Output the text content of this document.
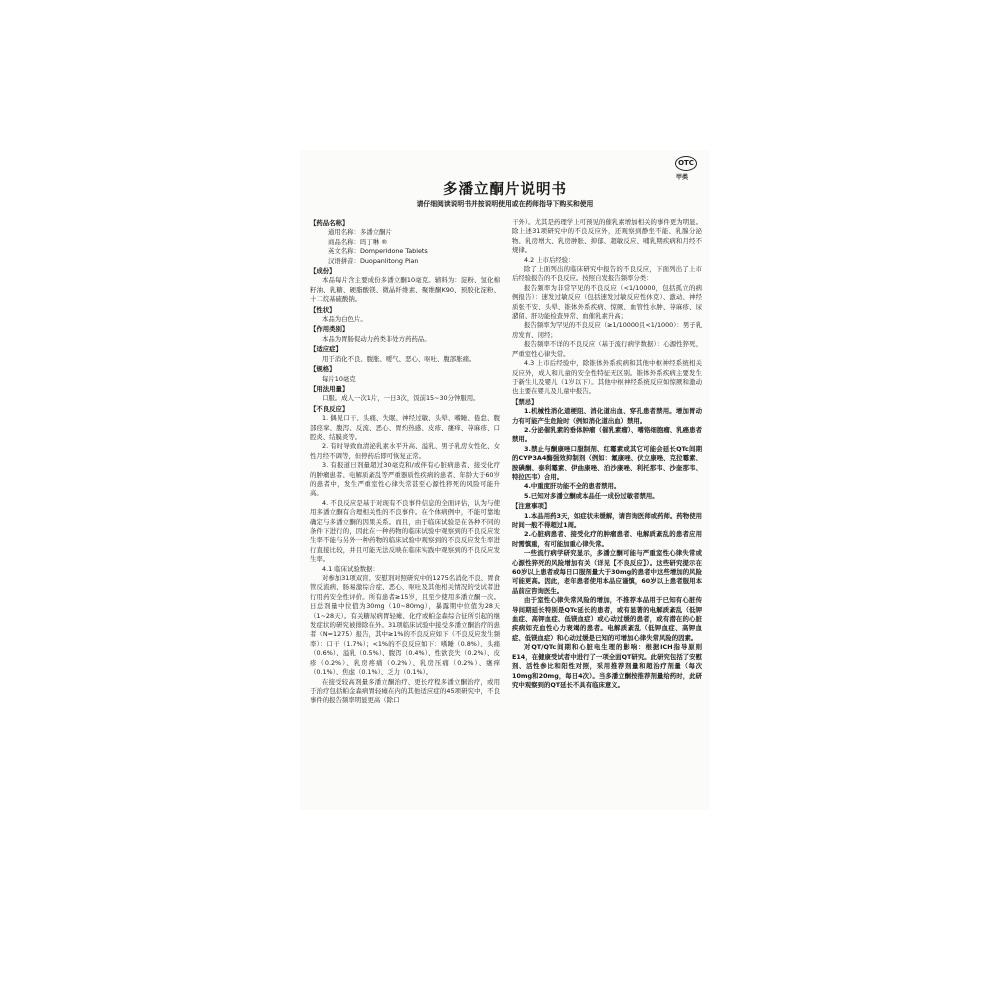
OTC
甲类
多潘立酮片说明书
请仔细阅读说明书并按说明使用或在药师指导下购买和使用
【药品名称】
通用名称：多潘立酮片
商品名称：吗丁啉 ®
英文名称：Domperidone Tablets
汉语拼音：Duopanlitong Pian
【成份】
本品每片含主要成份多潘立酮10毫克。辅料为：淀粉、氢化棉籽油、乳糖、硬脂酸镁、微晶纤维素、聚维酮K90、预胶化淀粉、十二烷基硫酸钠。
【性状】
本品为白色片。
【作用类别】
本品为胃肠促动力药类非处方药药品。
【适应症】
用于消化不良、腹胀、嗳气、恶心、呕吐、腹部胀痛。
【规格】
每片10毫克
【用法用量】
口服。成人一次1片，一日3次，饭前15~30分钟服用。
【不良反应】
1. 偶见口干、头痛、失眠、神经过敏、头晕、嗜睡、倦怠、腹部痉挛、腹泻、反流、恶心、胃灼热感、皮疹、瘙痒、荨麻疹、口腔炎、结膜炎等。
2. 有时导致血清泌乳素水平升高、溢乳、男子乳房女性化、女性月经不调等，但停药后即可恢复正常。
3. 有报道日剂量超过30毫克和/或伴有心脏病患者、接受化疗的肿瘤患者、电解质紊乱等严重器质性疾病的患者、年龄大于60岁的患者中，发生严重室性心律失常甚至心源性猝死的风险可能升高。
4. 不良反应是基于对现有不良事件信息的全面评估，认为与使用多潘立酮有合理相关性的不良事件。在个体病例中，不能可靠地确定与多潘立酮的因果关系。而且，由于临床试验是在各种不同的条件下进行的，因此在一种药物的临床试验中观察到的不良反应发生率不能与另外一种药物的临床试验中观察到的不良反应发生率进行直接比较，并且可能无法反映在临床实践中观察到的不良反应发生率。
4.1 临床试验数据：
对参加31项双盲、安慰剂对照研究中的1275名消化不良、胃食管反流病、肠易激综合症、恶心、呕吐及其他相关情况的受试者进行用药安全性评价。所有患者≥15岁，且至少使用多潘立酮一次。日总剂量中位值为30mg（10~80mg），暴露期中位值为28天（1~28天）。有关糖尿病胃轻瘫、化疗或帕金森综合征所引起的继发症状的研究被排除在外。31项临床试验中接受多潘立酮治疗的患者（N=1275）报告，其中≥1%的不良反应如下（不良反应发生频率）：口干（1.7%）；<1%的不良反应如下：嗜睡（0.8%）、头痛（0.6%）、溢乳（0.5%）、腹泻（0.4%）、性欲丧失（0.2%）、皮疹（0.2%）、乳房疼痛（0.2%）、乳房压痛（0.2%）、瘙痒（0.1%）、焦虑（0.1%）、乏力（0.1%）。
在接受较高剂量多潘立酮治疗、更长疗程多潘立酮治疗，或用于治疗包括帕金森病胃轻瘫在内的其他适应症的45项研究中，不良事件的报告频率明显更高（除口
干外）。尤其是药理学上可预见的催乳素增加相关的事件更为明显。除上述31项研究中的不良反应外，还观察到静坐不能、乳腺分泌物、乳房增大、乳房肿胀、抑郁、超敏反应、哺乳期疾病和月经不规律。
4.2 上市后经验：
除了上面列出的临床研究中报告的不良反应，下面列出了上市后经验报告的不良反应。按照自发报告频率分类：
报告频率为非常罕见的不良反应（<1/10000，包括孤立的病例报告）：速发过敏反应（包括速发过敏反应性休克）、激动、神经质张不安、头晕、锥体外系疾病、惊厥、血管性水肿、荨麻疹、尿潴留、肝功能检查异常、血催乳素升高；
报告频率为罕见的不良反应（≥1/10000且<1/1000）：男子乳房发育、闭经；
报告频率不详的不良反应（基于流行病学数据）：心源性猝死、严重室性心律失常。
4.3 上市后经验中，除锥体外系疾病和其他中枢神经系统相关反应外，成人和儿童的安全性特征无区别。锥体外系疾病主要发生于新生儿及婴儿（1岁以下）。其他中枢神经系统反应如惊厥和激动也主要在婴儿及儿童中报告。
【禁忌】
1.机械性消化道梗阻、消化道出血、穿孔患者禁用。增加胃动力有可能产生危险时（例如消化道出血）禁用。
2.分泌催乳素的垂体肿瘤（催乳素瘤）、嗜铬细胞瘤、乳癌患者禁用。
3.禁止与酮康唑口服制剂、红霉素或其它可能会延长QTc间期的CYP3A4酶强效抑制剂（例如：氟康唑、伏立康唑、克拉霉素、胺碘酮、泰利霉素、伊曲康唑、泊沙康唑、利托那韦、沙奎那韦、特拉匹韦）合用。
4.中重度肝功能不全的患者禁用。
5.已知对多潘立酮或本品任一成份过敏者禁用。
【注意事项】
1.本品用药3天，如症状未缓解，请咨询医师或药师。药物使用时间一般不得超过1周。
2.心脏病患者、接受化疗的肿瘤患者、电解质紊乱的患者应用时需慎重，有可能加重心律失常。
一些流行病学研究显示，多潘立酮可能与严重室性心律失常或心源性猝死的风险增加有关（详见【不良反应】）。这些研究提示在60岁以上患者或每日口服剂量大于30mg的患者中这些增加的风险可能更高。因此，老年患者使用本品应谨慎，60岁以上患者服用本品前应咨询医生。
由于室性心律失常风险的增加，不推荐本品用于已知有心脏传导间期延长特别是QTc延长的患者，或有显著的电解质紊乱（低钾血症、高钾血症、低镁血症）或心动过缓的患者，或有潜在的心脏疾病如充血性心力衰竭的患者。电解质紊乱（低钾血症、高钾血症、低镁血症）和心动过缓是已知的可增加心律失常风险的因素。
对QT/QTc间期和心脏电生理的影响：根据ICH指导原则E14，在健康受试者中进行了一项全面QT研究。此研究包括了安慰剂、活性参比和阳性对照，采用推荐剂量和超治疗剂量（每次10mg和20mg，每日4次）。当多潘立酮按推荐剂量给药时，此研究中观察到的QT延长不具有临床意义。
